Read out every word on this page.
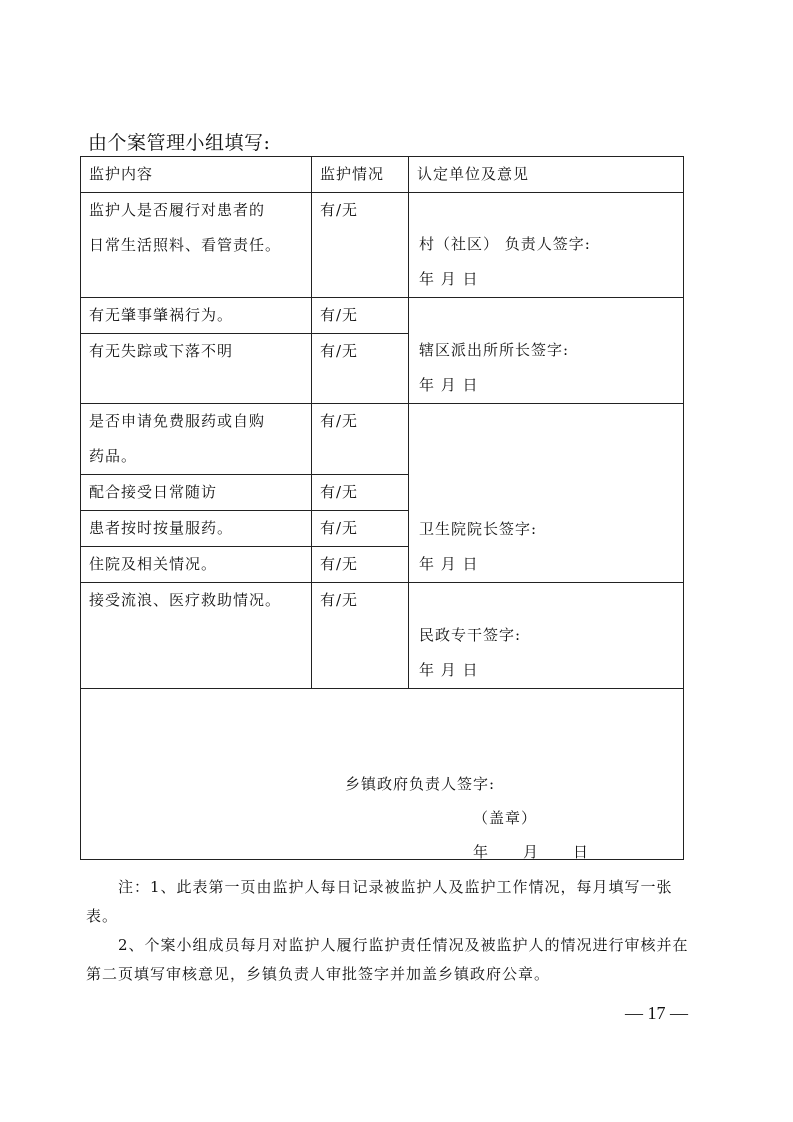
由个案管理小组填写:
监护内容	监护情况	认定单位及意见

监护人是否履行对患者的
日常生活照料、看管责任。	有/无	村（社区） 负责人签字:
年 月 日

有无肇事肇祸行为。	有/无	辖区派出所所长签字:
年 月 日

有无失踪或下落不明	有/无	

是否申请免费服药或自购
药品。	有/无	卫生院院长签字:
年 月 日

配合接受日常随访	有/无	

患者按时按量服药。	有/无	

住院及相关情况。	有/无	

接受流浪、医疗救助情况。	有/无	民政专干签字:
年 月 日

乡镇政府负责人签字:
（盖章）
年 月 日		

注：1、此表第一页由监护人每日记录被监护人及监护工作情况，每月填写一张表。

2、个案小组成员每月对监护人履行监护责任情况及被监护人的情况进行审核并在第二页填写审核意见，乡镇负责人审批签字并加盖乡镇政府公章。

— 17 —
